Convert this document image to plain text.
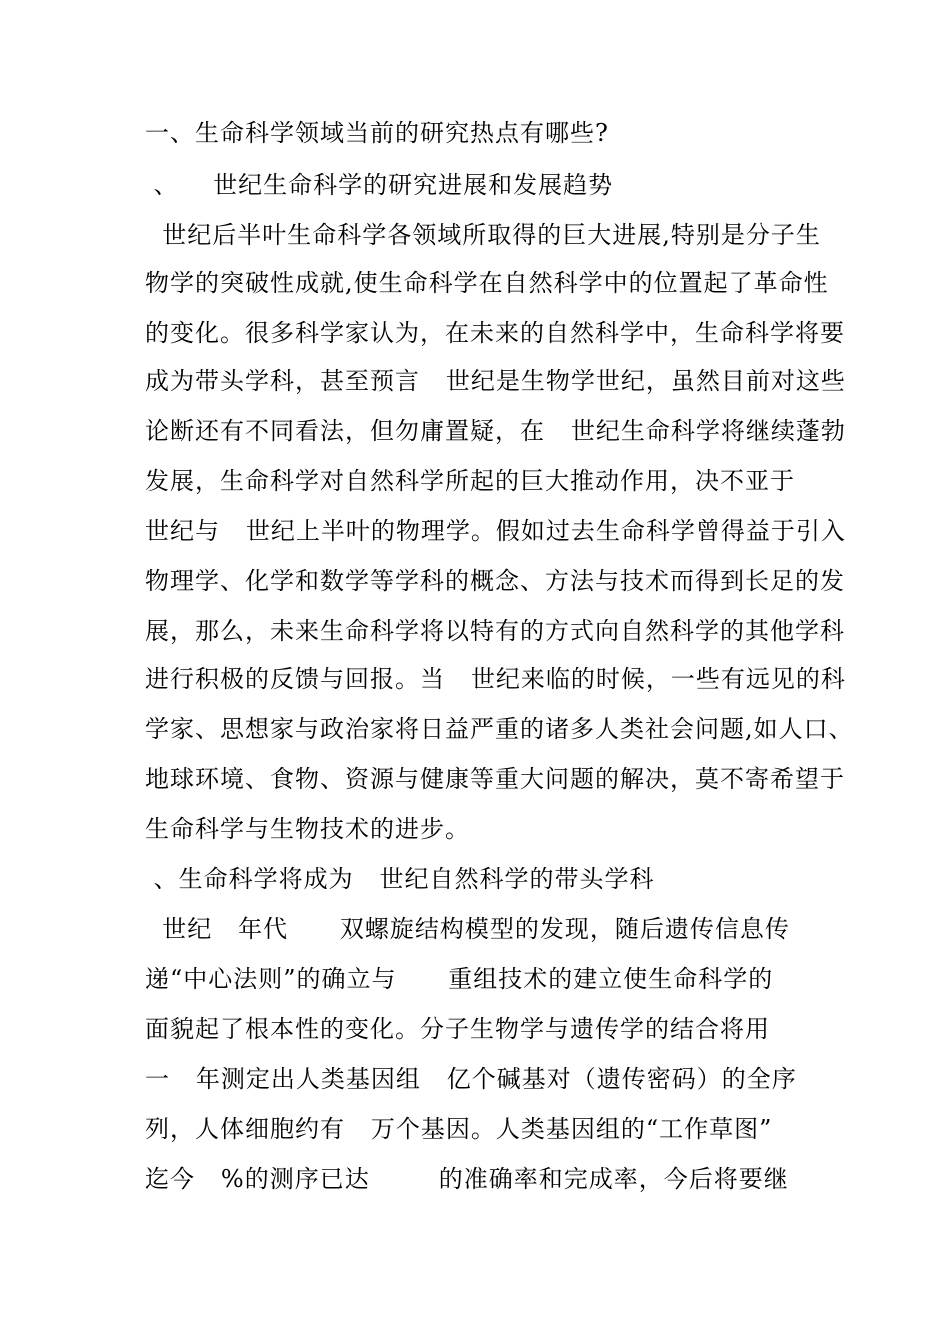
一、生命科学领域当前的研究热点有哪些?
、    世纪生命科学的研究进展和发展趋势
世纪后半叶生命科学各领域所取得的巨大进展,特别是分子生
物学的突破性成就,使生命科学在自然科学中的位置起了革命性
的变化。很多科学家认为，在未来的自然科学中，生命科学将要
成为带头学科，甚至预言   世纪是生物学世纪，虽然目前对这些
论断还有不同看法，但勿庸置疑，在   世纪生命科学将继续蓬勃
发展，生命科学对自然科学所起的巨大推动作用，决不亚于
世纪与   世纪上半叶的物理学。假如过去生命科学曾得益于引入
物理学、化学和数学等学科的概念、方法与技术而得到长足的发
展，那么，未来生命科学将以特有的方式向自然科学的其他学科
进行积极的反馈与回报。当   世纪来临的时候，一些有远见的科
学家、思想家与政治家将日益严重的诸多人类社会问题,如人口、
地球环境、食物、资源与健康等重大问题的解决，莫不寄希望于
生命科学与生物技术的进步。
、生命科学将成为   世纪自然科学的带头学科
世纪   年代      双螺旋结构模型的发现，随后遗传信息传
递“中心法则”的确立与      重组技术的建立使生命科学的
面貌起了根本性的变化。分子生物学与遗传学的结合将用
一   年测定出人类基因组   亿个碱基对（遗传密码）的全序
列，人体细胞约有   万个基因。人类基因组的“工作草图”
迄今   %的测序已达        的准确率和完成率，今后将要继
